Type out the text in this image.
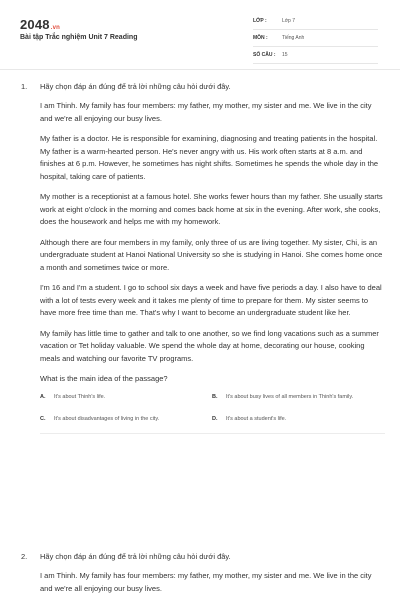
2048.vn
Bài tập Trắc nghiệm Unit 7 Reading
LỚP :	Lớp 7
MÔN :	Tiếng Anh
SỐ CÂU :	15
1. Hãy chọn đáp án đúng để trả lời những câu hỏi dưới đây.

I am Thinh. My family has four members: my father, my mother, my sister and me. We live in the city and we're all enjoying our busy lives.

My father is a doctor. He is responsible for examining, diagnosing and treating patients in the hospital. My father is a warm-hearted person. He's never angry with us. His work often starts at 8 a.m. and finishes at 6 p.m. However, he sometimes has night shifts. Sometimes he spends the whole day in the hospital, taking care of patients.

My mother is a receptionist at a famous hotel. She works fewer hours than my father. She usually starts work at eight o'clock in the morning and comes back home at six in the evening. After work, she cooks, does the housework and helps me with my homework.

Although there are four members in my family, only three of us are living together. My sister, Chi, is an undergraduate student at Hanoi National University so she is studying in Hanoi. She comes home once a month and sometimes twice or more.

I'm 16 and I'm a student. I go to school six days a week and have five periods a day. I also have to deal with a lot of tests every week and it takes me plenty of time to prepare for them. My sister seems to have more free time than me. That's why I want to become an undergraduate student like her.

My family has little time to gather and talk to one another, so we find long vacations such as a summer vacation or Tet holiday valuable. We spend the whole day at home, decorating our house, cooking meals and watching our favorite TV programs.

What is the main idea of the passage?

A.	It's about Thinh's life.	B.	It's about busy lives of all members in Thinh's family.
C.	It's about disadvantages of living in the city.	D.	It's about a student's life.
2. Hãy chọn đáp án đúng để trả lời những câu hỏi dưới đây.

I am Thinh. My family has four members: my father, my mother, my sister and me. We live in the city and we're all enjoying our busy lives.
